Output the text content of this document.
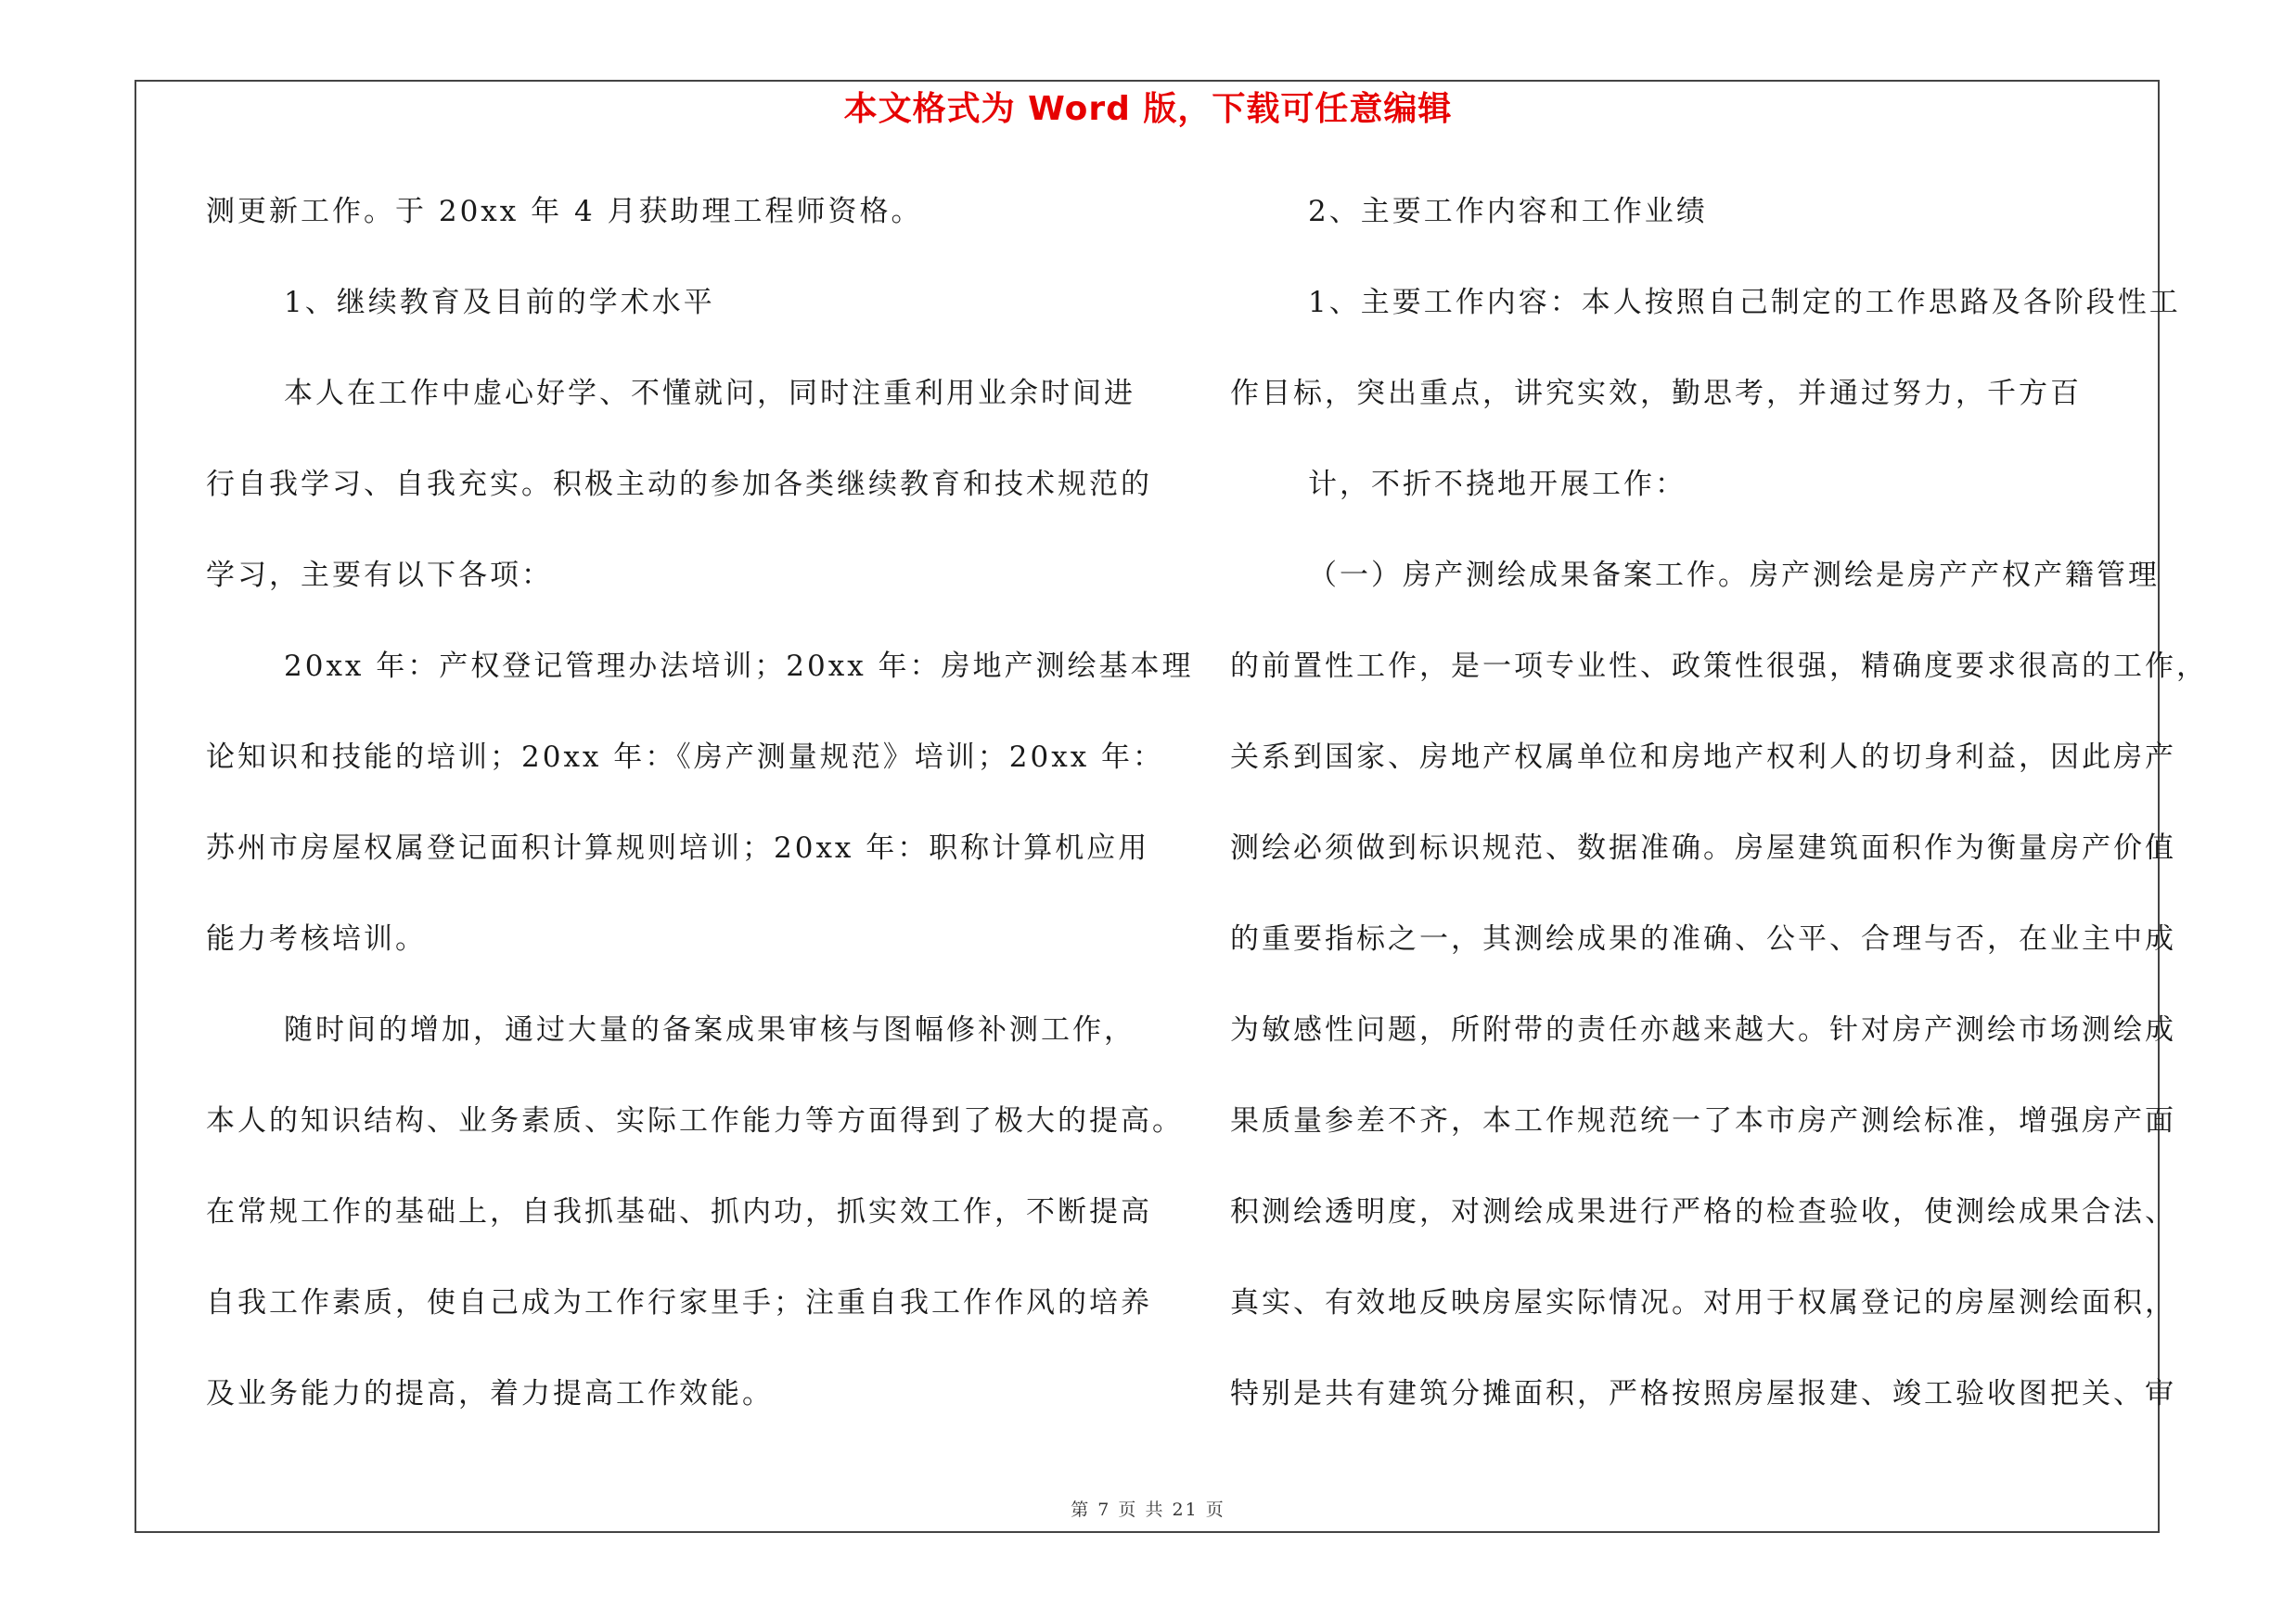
本文格式为 Word 版，下载可任意编辑
测更新工作。于 20xx 年 4 月获助理工程师资格。
1、继续教育及目前的学术水平
本人在工作中虚心好学、不懂就问，同时注重利用业余时间进
行自我学习、自我充实。积极主动的参加各类继续教育和技术规范的
学习，主要有以下各项：
20xx 年：产权登记管理办法培训；20xx 年：房地产测绘基本理
论知识和技能的培训；20xx 年：《房产测量规范》培训；20xx 年：
苏州市房屋权属登记面积计算规则培训；20xx 年：职称计算机应用
能力考核培训。
随时间的增加，通过大量的备案成果审核与图幅修补测工作，
本人的知识结构、业务素质、实际工作能力等方面得到了极大的提高。
在常规工作的基础上，自我抓基础、抓内功，抓实效工作，不断提高
自我工作素质，使自己成为工作行家里手；注重自我工作作风的培养
及业务能力的提高，着力提高工作效能。
2、主要工作内容和工作业绩
1、主要工作内容：本人按照自己制定的工作思路及各阶段性工
作目标，突出重点，讲究实效，勤思考，并通过努力，千方百
计，不折不挠地开展工作：
（一）房产测绘成果备案工作。房产测绘是房产产权产籍管理
的前置性工作，是一项专业性、政策性很强，精确度要求很高的工作，
关系到国家、房地产权属单位和房地产权利人的切身利益，因此房产
测绘必须做到标识规范、数据准确。房屋建筑面积作为衡量房产价值
的重要指标之一，其测绘成果的准确、公平、合理与否，在业主中成
为敏感性问题，所附带的责任亦越来越大。针对房产测绘市场测绘成
果质量参差不齐，本工作规范统一了本市房产测绘标准，增强房产面
积测绘透明度，对测绘成果进行严格的检查验收，使测绘成果合法、
真实、有效地反映房屋实际情况。对用于权属登记的房屋测绘面积，
特别是共有建筑分摊面积，严格按照房屋报建、竣工验收图把关、审
第 7 页 共 21 页
